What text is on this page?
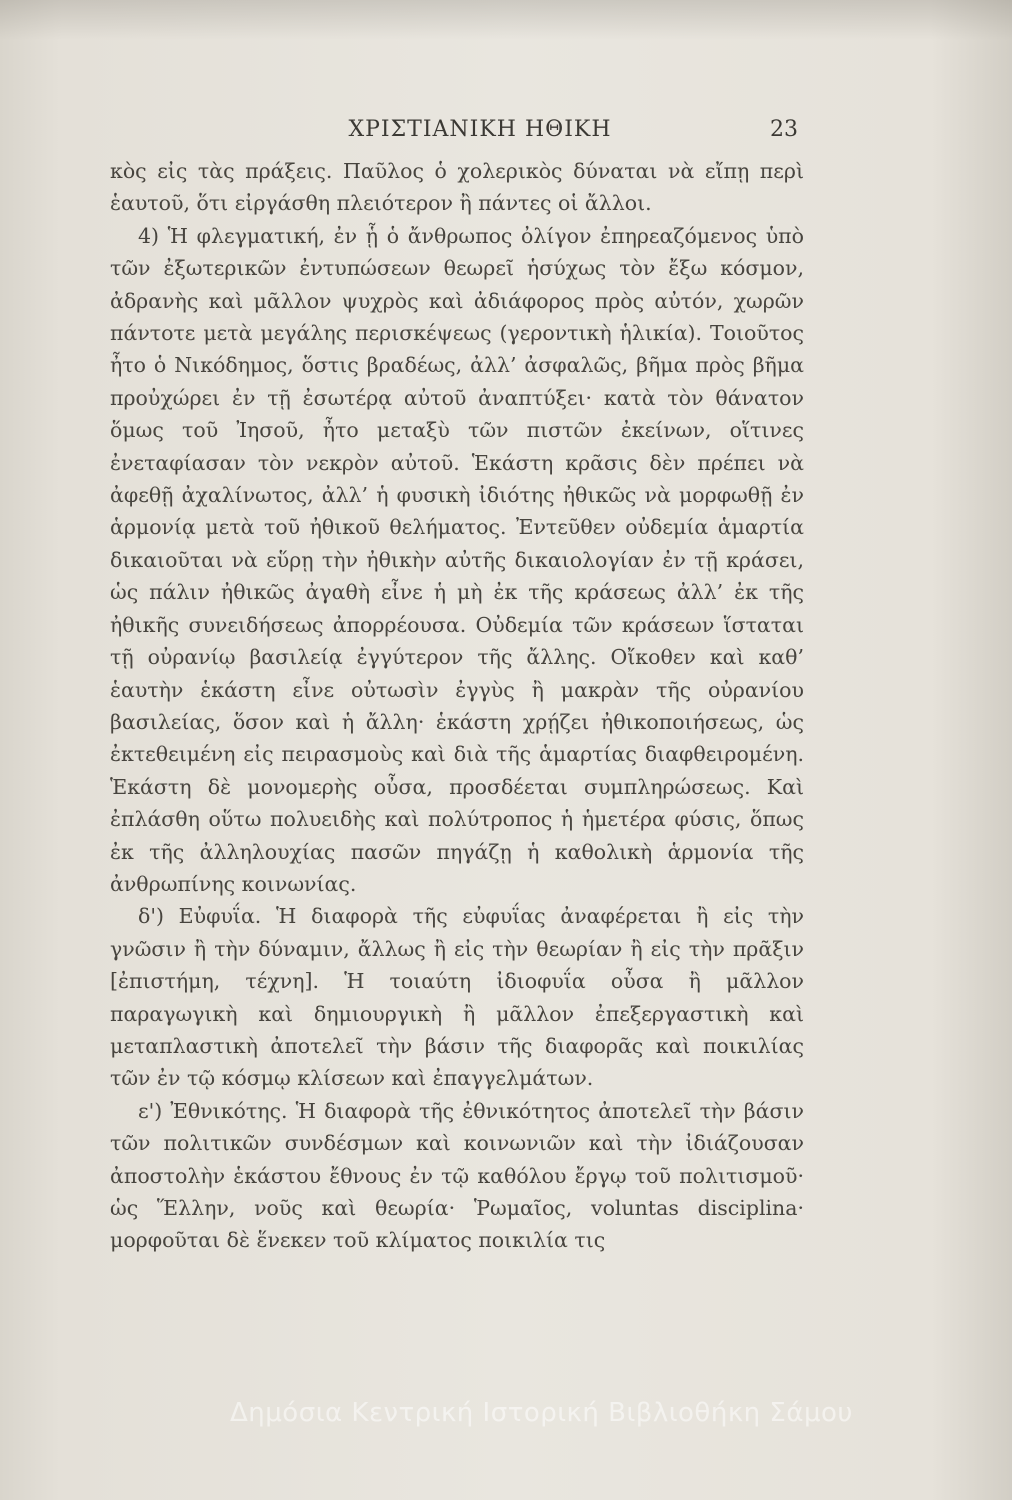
ΧΡΙΣΤΙΑΝΙΚΗ ΗΘΙΚΗ	23

κὸς εἰς τὰς πράξεις. Παῦλος ὁ χολερικὸς δύναται νὰ εἴπῃ περὶ ἑαυτοῦ, ὅτι εἰργάσθη πλειότερον ἢ πάντες οἱ ἄλλοι.

4) Ἡ φλεγματική, ἐν ᾗ ὁ ἄνθρωπος ὀλίγον ἐπηρεαζόμενος ὑπὸ τῶν ἐξωτερικῶν ἐντυπώσεων θεωρεῖ ἡσύχως τὸν ἔξω κόσμον, ἀδρανὴς καὶ μᾶλλον ψυχρὸς καὶ ἀδιάφορος πρὸς αὐτόν, χωρῶν πάντοτε μετὰ μεγάλης περισκέψεως (γεροντικὴ ἡλικία). Τοιοῦτος ἦτο ὁ Νικόδημος, ὅστις βραδέως, ἀλλ’ ἀσφαλῶς, βῆμα πρὸς βῆμα προὐχώρει ἐν τῇ ἐσωτέρᾳ αὐτοῦ ἀναπτύξει· κατὰ τὸν θάνατον ὅμως τοῦ Ἰησοῦ, ἦτο μεταξὺ τῶν πιστῶν ἐκείνων, οἵτινες ἐνεταφίασαν τὸν νεκρὸν αὐτοῦ. Ἑκάστη κρᾶσις δὲν πρέπει νὰ ἀφεθῇ ἀχαλίνωτος, ἀλλ’ ἡ φυσικὴ ἰδιότης ἠθικῶς νὰ μορφωθῇ ἐν ἁρμονίᾳ μετὰ τοῦ ἠθικοῦ θελήματος. Ἐντεῦθεν οὐδεμία ἁμαρτία δικαιοῦται νὰ εὕρῃ τὴν ἠθικὴν αὐτῆς δικαιολογίαν ἐν τῇ κράσει, ὡς πάλιν ἠθικῶς ἀγαθὴ εἶνε ἡ μὴ ἐκ τῆς κράσεως ἀλλ’ ἐκ τῆς ἠθικῆς συνειδήσεως ἀπορρέουσα. Οὐδεμία τῶν κράσεων ἵσταται τῇ οὐρανίῳ βασιλείᾳ ἐγγύτερον τῆς ἄλλης. Οἴκοθεν καὶ καθ’ ἑαυτὴν ἑκάστη εἶνε οὐτωσὶν ἐγγὺς ἢ μακρὰν τῆς οὐρανίου βασιλείας, ὅσον καὶ ἡ ἄλλη· ἑκάστη χρῄζει ἠθικοποιήσεως, ὡς ἐκτεθειμένη εἰς πειρασμοὺς καὶ διὰ τῆς ἁμαρτίας διαφθειρομένη. Ἑκάστη δὲ μονομερὴς οὖσα, προσδέεται συμπληρώσεως. Καὶ ἐπλάσθη οὕτω πολυειδὴς καὶ πολύτροπος ἡ ἡμετέρα φύσις, ὅπως ἐκ τῆς ἀλληλουχίας πασῶν πηγάζῃ ἡ καθολικὴ ἁρμονία τῆς ἀνθρωπίνης κοινωνίας.

δ') Εὐφυΐα. Ἡ διαφορὰ τῆς εὐφυΐας ἀναφέρεται ἢ εἰς τὴν γνῶσιν ἢ τὴν δύναμιν, ἄλλως ἢ εἰς τὴν θεωρίαν ἢ εἰς τὴν πρᾶξιν [ἐπιστήμη, τέχνη]. Ἡ τοιαύτη ἰδιοφυΐα οὖσα ἢ μᾶλλον παραγωγικὴ καὶ δημιουργικὴ ἢ μᾶλλον ἐπεξεργαστικὴ καὶ μεταπλαστικὴ ἀποτελεῖ τὴν βάσιν τῆς διαφορᾶς καὶ ποικιλίας τῶν ἐν τῷ κόσμῳ κλίσεων καὶ ἐπαγγελμάτων.

ε') Ἐθνικότης. Ἡ διαφορὰ τῆς ἐθνικότητος ἀποτελεῖ τὴν βάσιν τῶν πολιτικῶν συνδέσμων καὶ κοινωνιῶν καὶ τὴν ἰδιάζουσαν ἀποστολὴν ἑκάστου ἔθνους ἐν τῷ καθόλου ἔργῳ τοῦ πολιτισμοῦ· ὡς Ἕλλην, νοῦς καὶ θεωρία· Ῥωμαῖος, voluntas disciplina· μορφοῦται δὲ ἕνεκεν τοῦ κλίματος ποικιλία τις

Δημόσια Κεντρική Ιστορική Βιβλιοθήκη Σάμου
